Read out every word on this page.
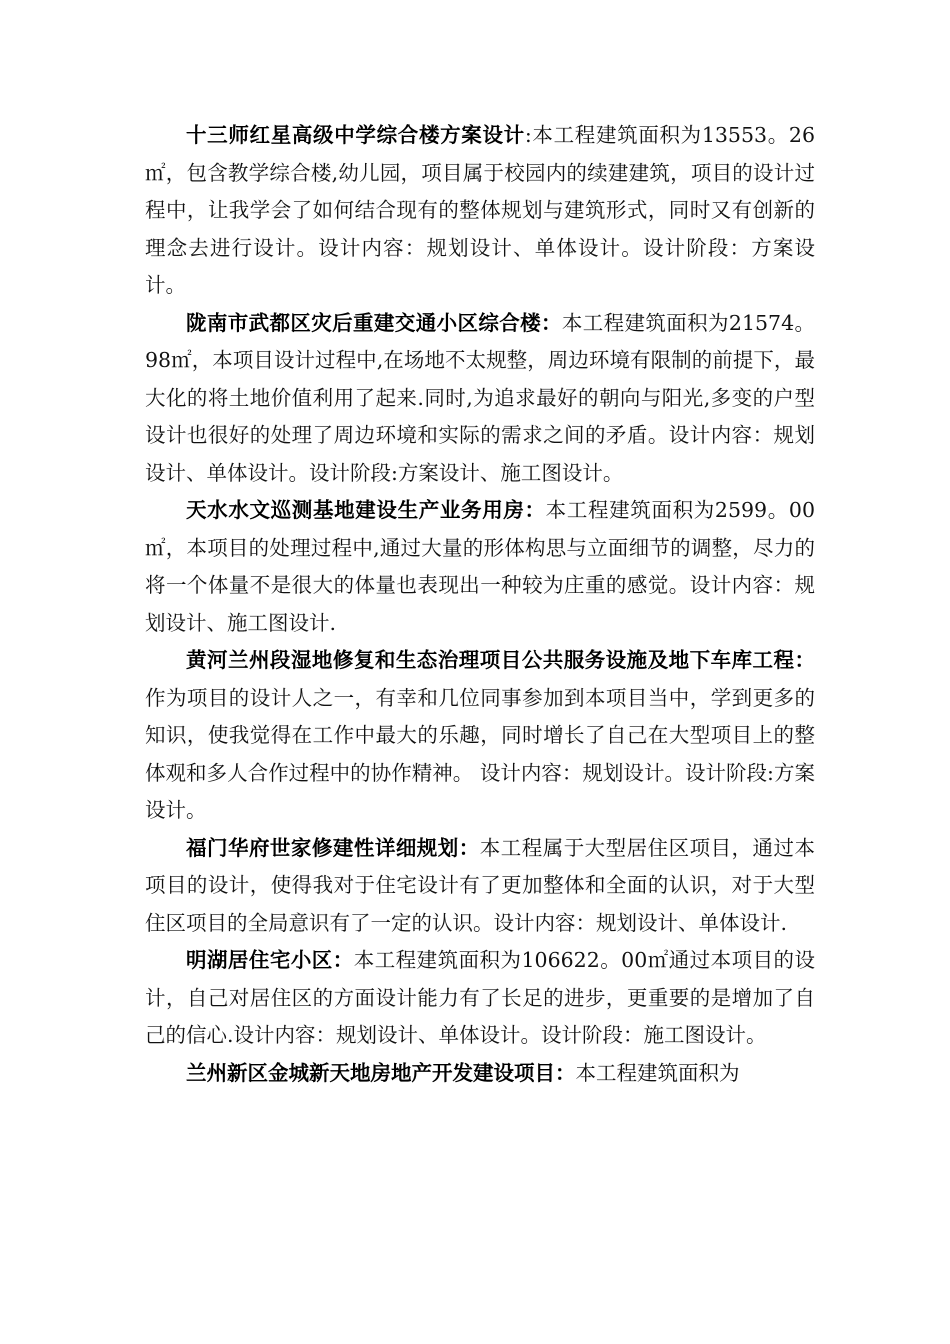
十三师红星高级中学综合楼方案设计:本工程建筑面积为13553。26㎡，包含教学综合楼,幼儿园，项目属于校园内的续建建筑，项目的设计过程中，让我学会了如何结合现有的整体规划与建筑形式，同时又有创新的理念去进行设计。设计内容：规划设计、单体设计。设计阶段：方案设计。

陇南市武都区灾后重建交通小区综合楼：本工程建筑面积为21574。98㎡，本项目设计过程中,在场地不太规整，周边环境有限制的前提下，最大化的将土地价值利用了起来.同时,为追求最好的朝向与阳光,多变的户型设计也很好的处理了周边环境和实际的需求之间的矛盾。设计内容：规划设计、单体设计。设计阶段:方案设计、施工图设计。

天水水文巡测基地建设生产业务用房：本工程建筑面积为2599。00㎡，本项目的处理过程中,通过大量的形体构思与立面细节的调整，尽力的将一个体量不是很大的体量也表现出一种较为庄重的感觉。设计内容：规划设计、施工图设计.

黄河兰州段湿地修复和生态治理项目公共服务设施及地下车库工程：作为项目的设计人之一，有幸和几位同事参加到本项目当中，学到更多的知识，使我觉得在工作中最大的乐趣，同时增长了自己在大型项目上的整体观和多人合作过程中的协作精神。 设计内容：规划设计。设计阶段:方案设计。

福门华府世家修建性详细规划：本工程属于大型居住区项目，通过本项目的设计，使得我对于住宅设计有了更加整体和全面的认识，对于大型住区项目的全局意识有了一定的认识。设计内容：规划设计、单体设计.

明湖居住宅小区：本工程建筑面积为106622。00㎡通过本项目的设计，自己对居住区的方面设计能力有了长足的进步，更重要的是增加了自己的信心.设计内容：规划设计、单体设计。设计阶段：施工图设计。

兰州新区金城新天地房地产开发建设项目：本工程建筑面积为
